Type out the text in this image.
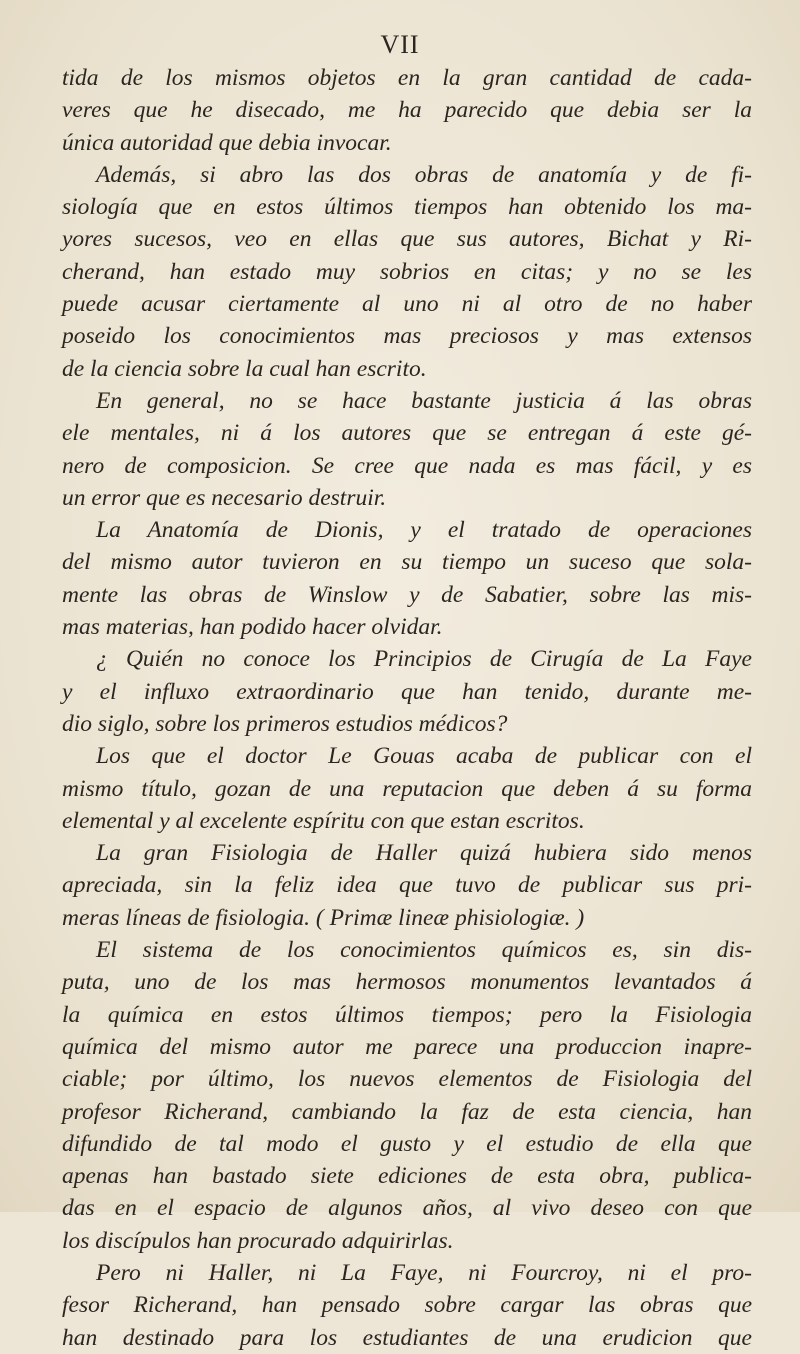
VII
tida de los mismos objetos en la gran cantidad de cada-
veres que he disecado, me ha parecido que debia ser la
única autoridad que debia invocar.
Además, si abro las dos obras de anatomía y de fi-
siología que en estos últimos tiempos han obtenido los ma-
yores sucesos, veo en ellas que sus autores, Bichat y Ri-
cherand, han estado muy sobrios en citas; y no se les
puede acusar ciertamente al uno ni al otro de no haber
poseido los conocimientos mas preciosos y mas extensos
de la ciencia sobre la cual han escrito.
En general, no se hace bastante justicia á las obras
ele mentales, ni á los autores que se entregan á este gé-
nero de composicion. Se cree que nada es mas fácil, y es
un error que es necesario destruir.
La Anatomía de Dionis, y el tratado de operaciones
del mismo autor tuvieron en su tiempo un suceso que sola-
mente las obras de Winslow y de Sabatier, sobre las mis-
mas materias, han podido hacer olvidar.
¿ Quién no conoce los Principios de Cirugía de La Faye
y el influxo extraordinario que han tenido, durante me-
dio siglo, sobre los primeros estudios médicos?
Los que el doctor Le Gouas acaba de publicar con el
mismo título, gozan de una reputacion que deben á su forma
elemental y al excelente espíritu con que estan escritos.
La gran Fisiologia de Haller quizá hubiera sido menos
apreciada, sin la feliz idea que tuvo de publicar sus pri-
meras líneas de fisiologia. ( Primæ lineæ phisiologiæ. )
El sistema de los conocimientos químicos es, sin dis-
puta, uno de los mas hermosos monumentos levantados á
la química en estos últimos tiempos; pero la Fisiologia
química del mismo autor me parece una produccion inapre-
ciable; por último, los nuevos elementos de Fisiologia del
profesor Richerand, cambiando la faz de esta ciencia, han
difundido de tal modo el gusto y el estudio de ella que
apenas han bastado siete ediciones de esta obra, publica-
das en el espacio de algunos años, al vivo deseo con que
los discípulos han procurado adquirirlas.
Pero ni Haller, ni La Faye, ni Fourcroy, ni el pro-
fesor Richerand, han pensado sobre cargar las obras que
han destinado para los estudiantes de una erudicion que
